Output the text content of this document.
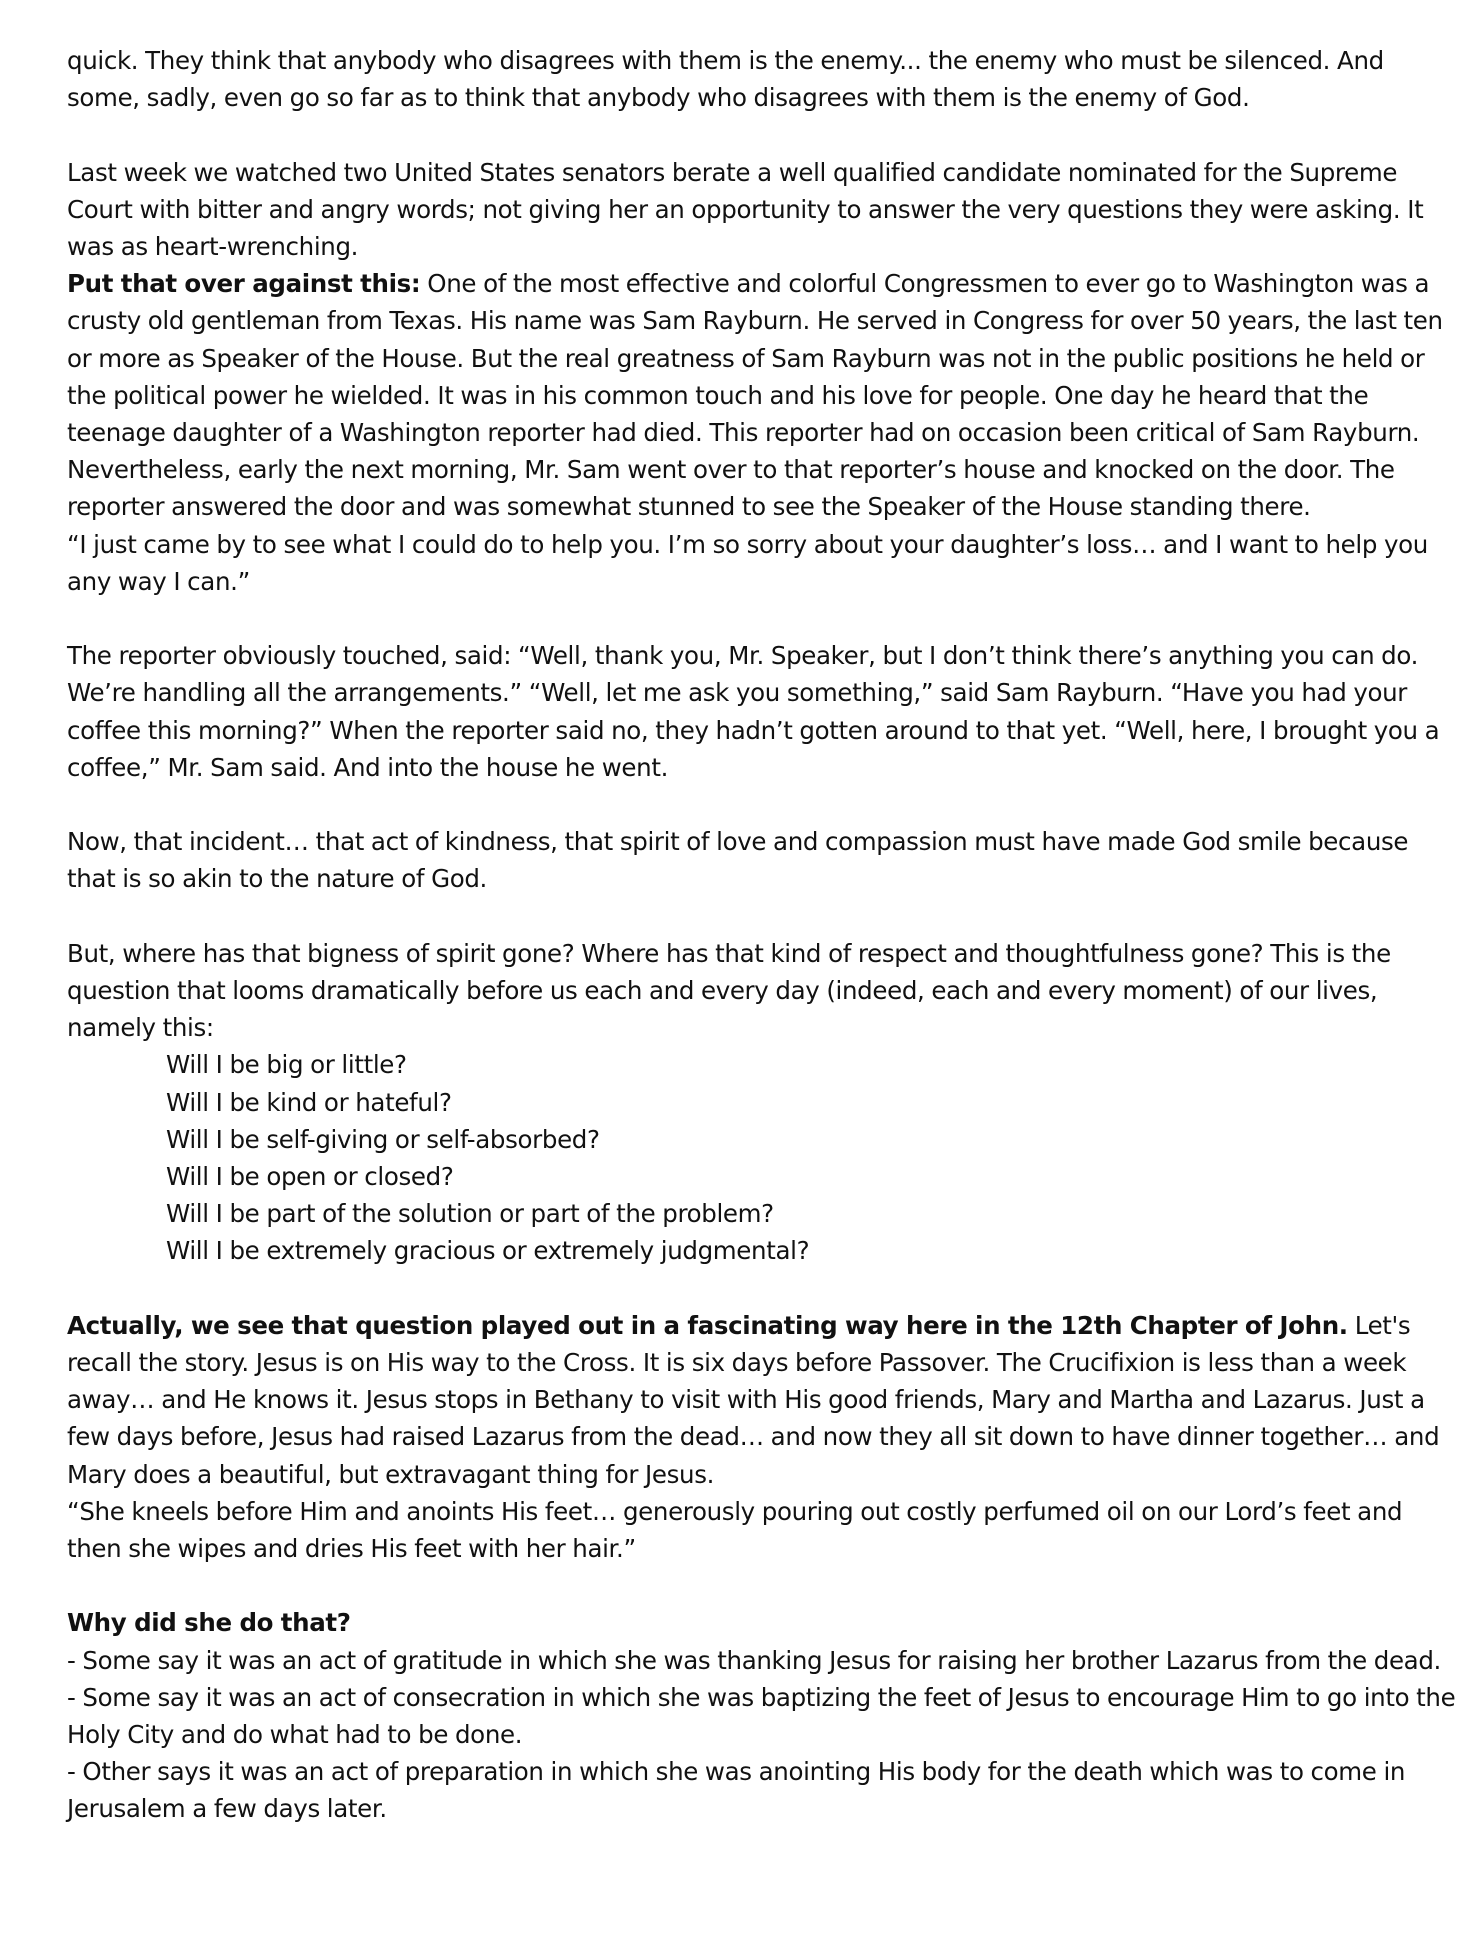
quick. They think that anybody who disagrees with them is the enemy... the enemy who must be silenced. And some, sadly, even go so far as to think that anybody who disagrees with them is the enemy of God.

Last week we watched two United States senators berate a well qualified candidate nominated for the Supreme Court with bitter and angry words; not giving her an opportunity to answer the very questions they were asking. It was as heart-wrenching.

Put that over against this: One of the most effective and colorful Congressmen to ever go to Washington was a crusty old gentleman from Texas. His name was Sam Rayburn. He served in Congress for over 50 years, the last ten or more as Speaker of the House. But the real greatness of Sam Rayburn was not in the public positions he held or the political power he wielded. It was in his common touch and his love for people. One day he heard that the teenage daughter of a Washington reporter had died. This reporter had on occasion been critical of Sam Rayburn. Nevertheless, early the next morning, Mr. Sam went over to that reporter’s house and knocked on the door. The reporter answered the door and was somewhat stunned to see the Speaker of the House standing there.

“I just came by to see what I could do to help you. I’m so sorry about your daughter’s loss… and I want to help you any way I can.”

The reporter obviously touched, said: “Well, thank you, Mr. Speaker, but I don’t think there’s anything you can do. We’re handling all the arrangements.” “Well, let me ask you something,” said Sam Rayburn. “Have you had your coffee this morning?” When the reporter said no, they hadn’t gotten around to that yet. “Well, here, I brought you a coffee,” Mr. Sam said. And into the house he went.

Now, that incident… that act of kindness, that spirit of love and compassion must have made God smile because that is so akin to the nature of God.

But, where has that bigness of spirit gone? Where has that kind of respect and thoughtfulness gone? This is the question that looms dramatically before us each and every day (indeed, each and every moment) of our lives, namely this:

Will I be big or little?
Will I be kind or hateful?
Will I be self-giving or self-absorbed?
Will I be open or closed?
Will I be part of the solution or part of the problem?
Will I be extremely gracious or extremely judgmental?

Actually, we see that question played out in a fascinating way here in the 12th Chapter of John. Let's recall the story. Jesus is on His way to the Cross. It is six days before Passover. The Crucifixion is less than a week away… and He knows it. Jesus stops in Bethany to visit with His good friends, Mary and Martha and Lazarus. Just a few days before, Jesus had raised Lazarus from the dead… and now they all sit down to have dinner together… and Mary does a beautiful, but extravagant thing for Jesus.

“She kneels before Him and anoints His feet… generously pouring out costly perfumed oil on our Lord’s feet and then she wipes and dries His feet with her hair.”

Why did she do that?

- Some say it was an act of gratitude in which she was thanking Jesus for raising her brother Lazarus from the dead.

- Some say it was an act of consecration in which she was baptizing the feet of Jesus to encourage Him to go into the Holy City and do what had to be done.

- Other says it was an act of preparation in which she was anointing His body for the death which was to come in Jerusalem a few days later.
